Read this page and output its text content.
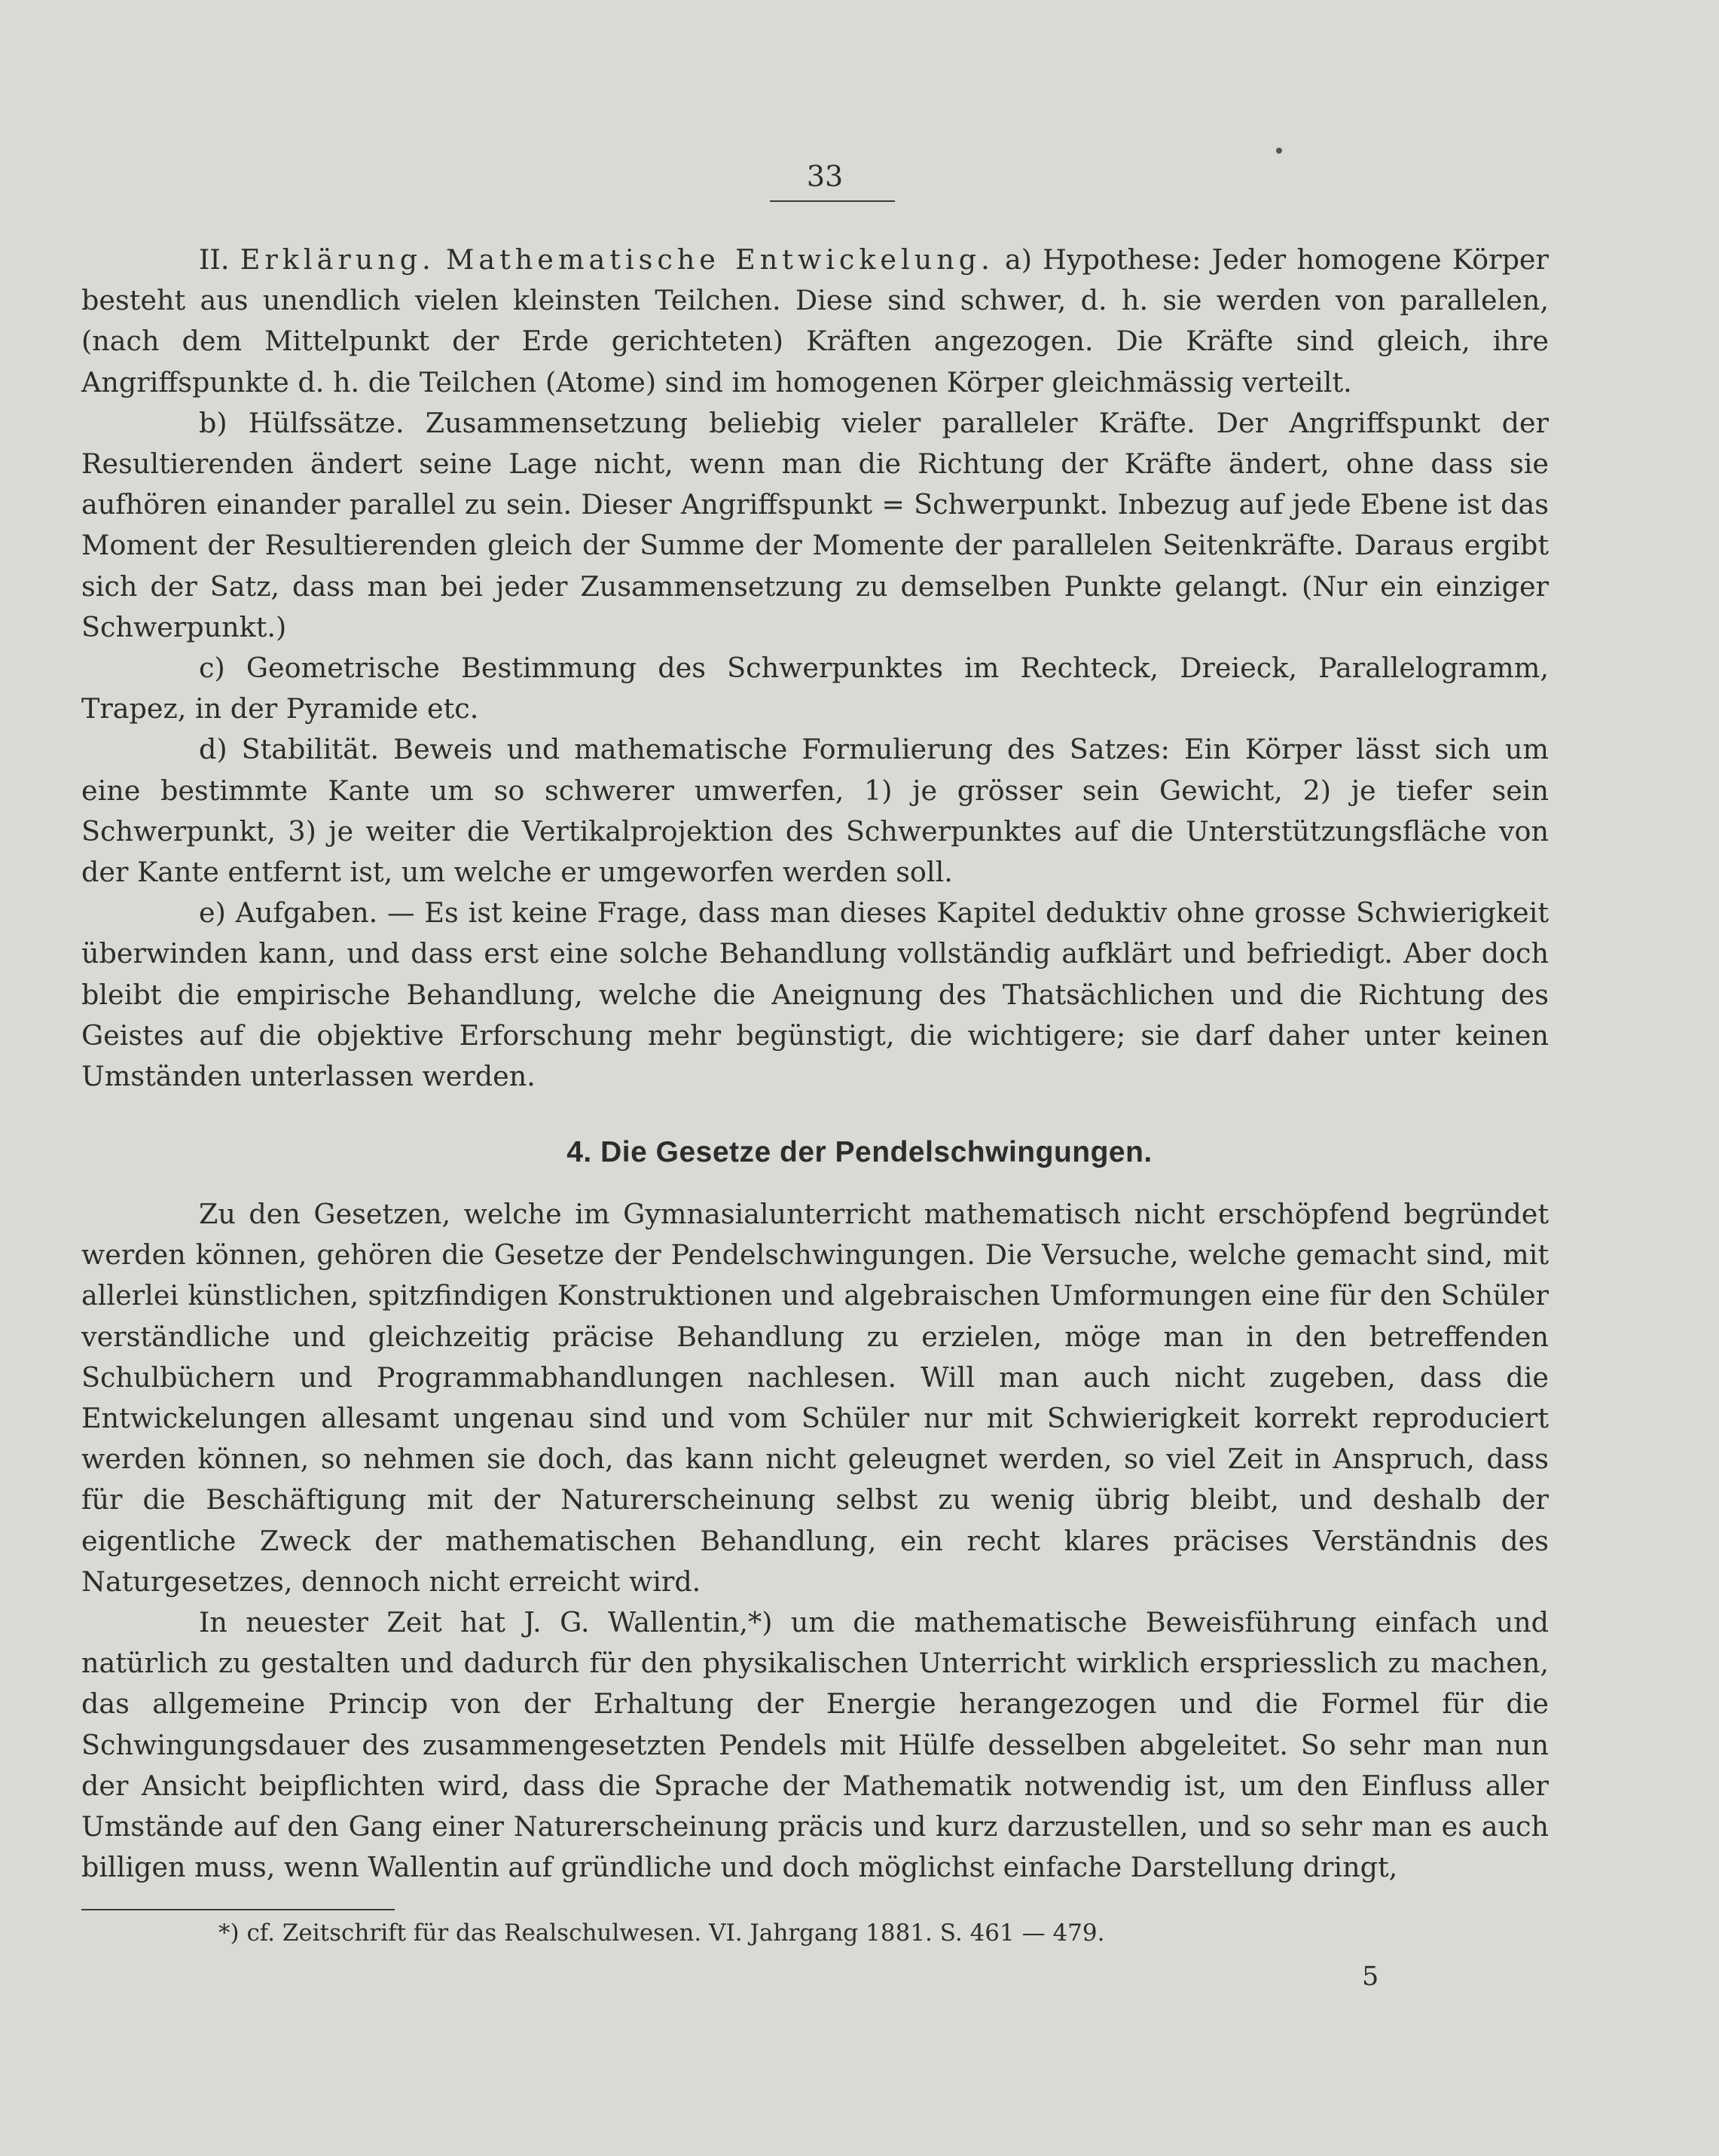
33

II. Erklärung. Mathematische Entwickelung. a) Hypothese: Jeder homogene Körper besteht aus unendlich vielen kleinsten Teilchen. Diese sind schwer, d. h. sie werden von parallelen, (nach dem Mittelpunkt der Erde gerichteten) Kräften angezogen. Die Kräfte sind gleich, ihre Angriffspunkte d. h. die Teilchen (Atome) sind im homogenen Körper gleichmässig verteilt.

b) Hülfssätze. Zusammensetzung beliebig vieler paralleler Kräfte. Der Angriffspunkt der Resultierenden ändert seine Lage nicht, wenn man die Richtung der Kräfte ändert, ohne dass sie aufhören einander parallel zu sein. Dieser Angriffspunkt = Schwerpunkt. Inbezug auf jede Ebene ist das Moment der Resultierenden gleich der Summe der Momente der parallelen Seitenkräfte. Daraus ergibt sich der Satz, dass man bei jeder Zusammensetzung zu demselben Punkte gelangt. (Nur ein einziger Schwerpunkt.)

c) Geometrische Bestimmung des Schwerpunktes im Rechteck, Dreieck, Parallelogramm, Trapez, in der Pyramide etc.

d) Stabilität. Beweis und mathematische Formulierung des Satzes: Ein Körper lässt sich um eine bestimmte Kante um so schwerer umwerfen, 1) je grösser sein Gewicht, 2) je tiefer sein Schwerpunkt, 3) je weiter die Vertikalprojektion des Schwerpunktes auf die Unterstützungsfläche von der Kante entfernt ist, um welche er umgeworfen werden soll.

e) Aufgaben. — Es ist keine Frage, dass man dieses Kapitel deduktiv ohne grosse Schwierigkeit überwinden kann, und dass erst eine solche Behandlung vollständig aufklärt und befriedigt. Aber doch bleibt die empirische Behandlung, welche die Aneignung des Thatsächlichen und die Richtung des Geistes auf die objektive Erforschung mehr begünstigt, die wichtigere; sie darf daher unter keinen Umständen unterlassen werden.

4. Die Gesetze der Pendelschwingungen.

Zu den Gesetzen, welche im Gymnasialunterricht mathematisch nicht erschöpfend begründet werden können, gehören die Gesetze der Pendelschwingungen. Die Versuche, welche gemacht sind, mit allerlei künstlichen, spitzfindigen Konstruktionen und algebraischen Umformungen eine für den Schüler verständliche und gleichzeitig präcise Behandlung zu erzielen, möge man in den betreffenden Schulbüchern und Programmabhandlungen nachlesen. Will man auch nicht zugeben, dass die Entwickelungen allesamt ungenau sind und vom Schüler nur mit Schwierigkeit korrekt reproduciert werden können, so nehmen sie doch, das kann nicht geleugnet werden, so viel Zeit in Anspruch, dass für die Beschäftigung mit der Naturerscheinung selbst zu wenig übrig bleibt, und deshalb der eigentliche Zweck der mathematischen Behandlung, ein recht klares präcises Verständnis des Naturgesetzes, dennoch nicht erreicht wird.

In neuester Zeit hat J. G. Wallentin,*) um die mathematische Beweisführung einfach und natürlich zu gestalten und dadurch für den physikalischen Unterricht wirklich erspriesslich zu machen, das allgemeine Princip von der Erhaltung der Energie herangezogen und die Formel für die Schwingungsdauer des zusammengesetzten Pendels mit Hülfe desselben abgeleitet. So sehr man nun der Ansicht beipflichten wird, dass die Sprache der Mathematik notwendig ist, um den Einfluss aller Umstände auf den Gang einer Naturerscheinung präcis und kurz darzustellen, und so sehr man es auch billigen muss, wenn Wallentin auf gründliche und doch möglichst einfache Darstellung dringt,

*) cf. Zeitschrift für das Realschulwesen. VI. Jahrgang 1881. S. 461 — 479.
5
